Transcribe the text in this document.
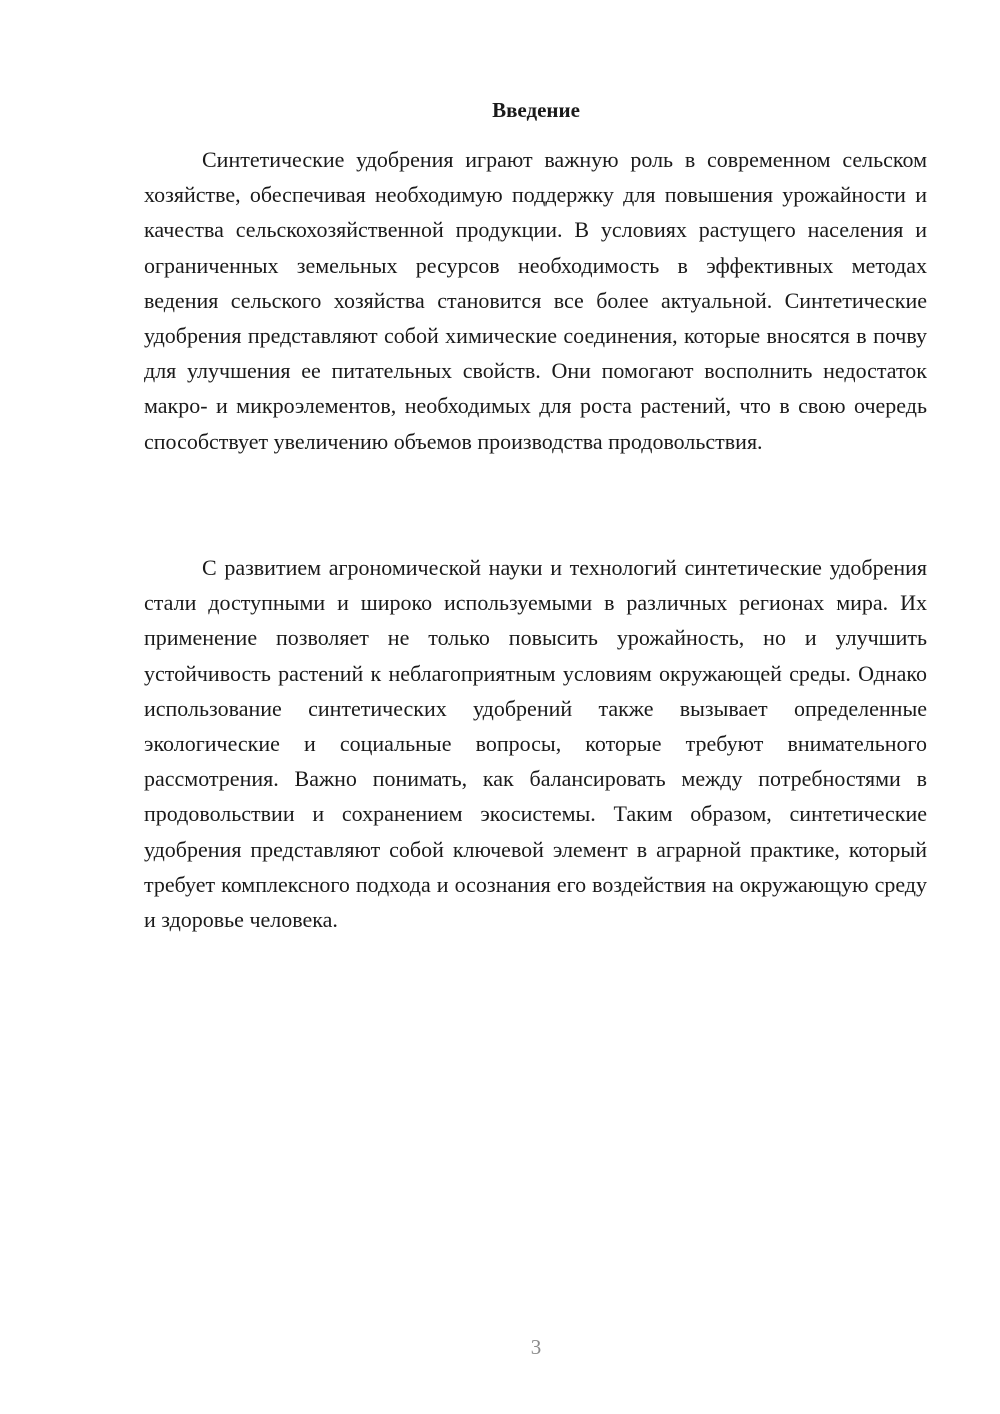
Введение

Синтетические удобрения играют важную роль в современном сельском хозяйстве, обеспечивая необходимую поддержку для повышения урожайности и качества сельскохозяйственной продукции. В условиях растущего населения и ограниченных земельных ресурсов необходимость в эффективных методах ведения сельского хозяйства становится все более актуальной. Синтетические удобрения представляют собой химические соединения, которые вносятся в почву для улучшения ее питательных свойств. Они помогают восполнить недостаток макро- и микроэлементов, необходимых для роста растений, что в свою очередь способствует увеличению объемов производства продовольствия.

С развитием агрономической науки и технологий синтетические удобрения стали доступными и широко используемыми в различных регионах мира. Их применение позволяет не только повысить урожайность, но и улучшить устойчивость растений к неблагоприятным условиям окружающей среды. Однако использование синтетических удобрений также вызывает определенные экологические и социальные вопросы, которые требуют внимательного рассмотрения. Важно понимать, как балансировать между потребностями в продовольствии и сохранением экосистемы. Таким образом, синтетические удобрения представляют собой ключевой элемент в аграрной практике, который требует комплексного подхода и осознания его воздействия на окружающую среду и здоровье человека.

3
